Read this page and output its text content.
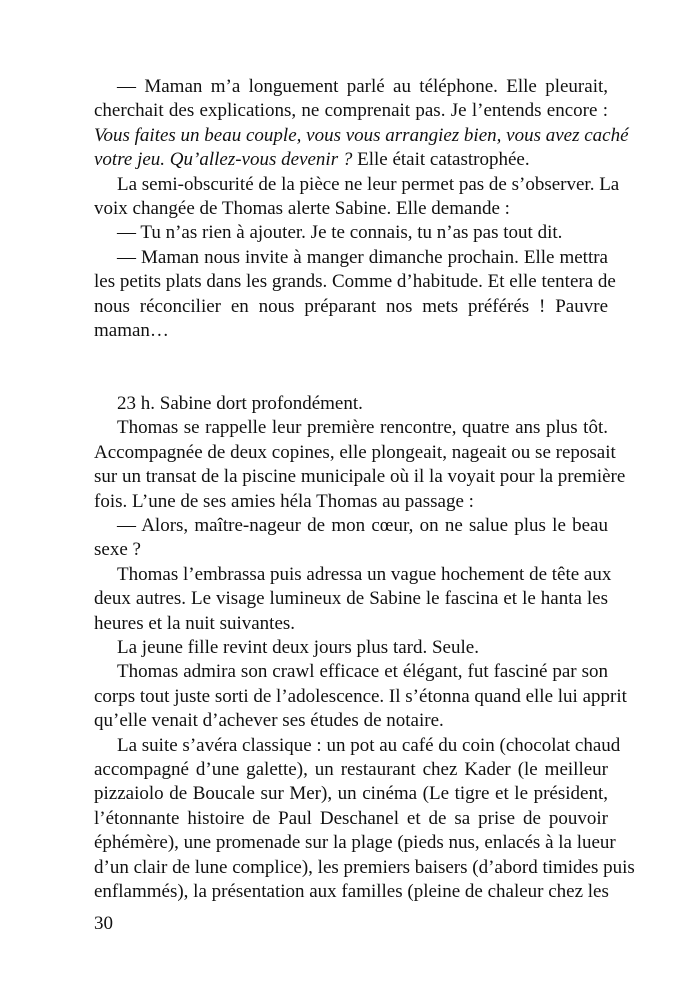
— Maman m’a longuement parlé au téléphone. Elle pleurait,
cherchait des explications, ne comprenait pas. Je l’entends encore :
Vous faites un beau couple, vous vous arrangiez bien, vous avez caché
votre jeu. Qu’allez-vous devenir ? Elle était catastrophée.
La semi-obscurité de la pièce ne leur permet pas de s’observer. La
voix changée de Thomas alerte Sabine. Elle demande :
— Tu n’as rien à ajouter. Je te connais, tu n’as pas tout dit.
— Maman nous invite à manger dimanche prochain. Elle mettra
les petits plats dans les grands. Comme d’habitude. Et elle tentera de
nous réconcilier en nous préparant nos mets préférés ! Pauvre
maman…
23 h. Sabine dort profondément.
Thomas se rappelle leur première rencontre, quatre ans plus tôt.
Accompagnée de deux copines, elle plongeait, nageait ou se reposait
sur un transat de la piscine municipale où il la voyait pour la première
fois. L’une de ses amies héla Thomas au passage :
— Alors, maître-nageur de mon cœur, on ne salue plus le beau
sexe ?
Thomas l’embrassa puis adressa un vague hochement de tête aux
deux autres. Le visage lumineux de Sabine le fascina et le hanta les
heures et la nuit suivantes.
La jeune fille revint deux jours plus tard. Seule.
Thomas admira son crawl efficace et élégant, fut fasciné par son
corps tout juste sorti de l’adolescence. Il s’étonna quand elle lui apprit
qu’elle venait d’achever ses études de notaire.
La suite s’avéra classique : un pot au café du coin (chocolat chaud
accompagné d’une galette), un restaurant chez Kader (le meilleur
pizzaiolo de Boucale sur Mer), un cinéma (Le tigre et le président,
l’étonnante histoire de Paul Deschanel et de sa prise de pouvoir
éphémère), une promenade sur la plage (pieds nus, enlacés à la lueur
d’un clair de lune complice), les premiers baisers (d’abord timides puis
enflammés), la présentation aux familles (pleine de chaleur chez les
30
